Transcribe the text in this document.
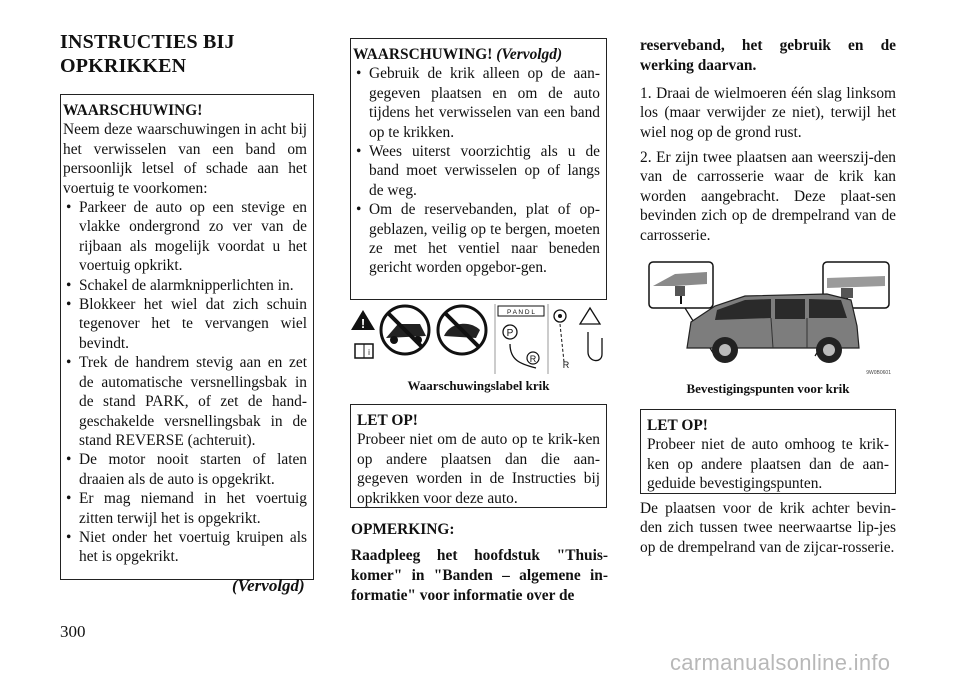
INSTRUCTIES BIJ OPKRIKKEN
WAARSCHUWING!
Neem deze waarschuwingen in acht bij het verwisselen van een band om persoonlijk letsel of schade aan het voertuig te voorkomen:
• Parkeer de auto op een stevige en vlakke ondergrond zo ver van de rijbaan als mogelijk voordat u het voertuig opkrikt.
• Schakel de alarmknipperlichten in.
• Blokkeer het wiel dat zich schuin tegenover het te vervangen wiel bevindt.
• Trek de handrem stevig aan en zet de automatische versnellingsbak in de stand PARK, of zet de hand-geschakelde versnellingsbak in de stand REVERSE (achteruit).
• De motor nooit starten of laten draaien als de auto is opgekrikt.
• Er mag niemand in het voertuig zitten terwijl het is opgekrikt.
• Niet onder het voertuig kruipen als het is opgekrikt.
(Vervolgd)
WAARSCHUWING! (Vervolgd)
• Gebruik de krik alleen op de aan-gegeven plaatsen en om de auto tijdens het verwisselen van een band op te krikken.
• Wees uiterst voorzichtig als u de band moet verwisselen op of langs de weg.
• Om de reservebanden, plat of op-geblazen, veilig op te bergen, moeten ze met het ventiel naar beneden gericht worden opgebor-gen.
!
i
P A N D L
P
R
R
Waarschuwingslabel krik
LET OP!
Probeer niet om de auto op te krik-ken op andere plaatsen dan die aan-gegeven worden in de Instructies bij opkrikken voor deze auto.
OPMERKING:
Raadpleeg het hoofdstuk "Thuis-komer" in "Banden – algemene in-formatie" voor informatie over de
reserveband, het gebruik en de werking daarvan.

1. Draai de wielmoeren één slag linksom los (maar verwijder ze niet), terwijl het wiel nog op de grond rust.

2. Er zijn twee plaatsen aan weerszij-den van de carrosserie waar de krik kan worden aangebracht. Deze plaat-sen bevinden zich op de drempelrand van de carrosserie.

9W0B0601
Bevestigingspunten voor krik
LET OP!
Probeer niet de auto omhoog te krik-ken op andere plaatsen dan de aan-geduide bevestigingspunten.

De plaatsen voor de krik achter bevin-den zich tussen twee neerwaartse lip-jes op de drempelrand van de zijcar-rosserie.

300
carmanualsonline.info
